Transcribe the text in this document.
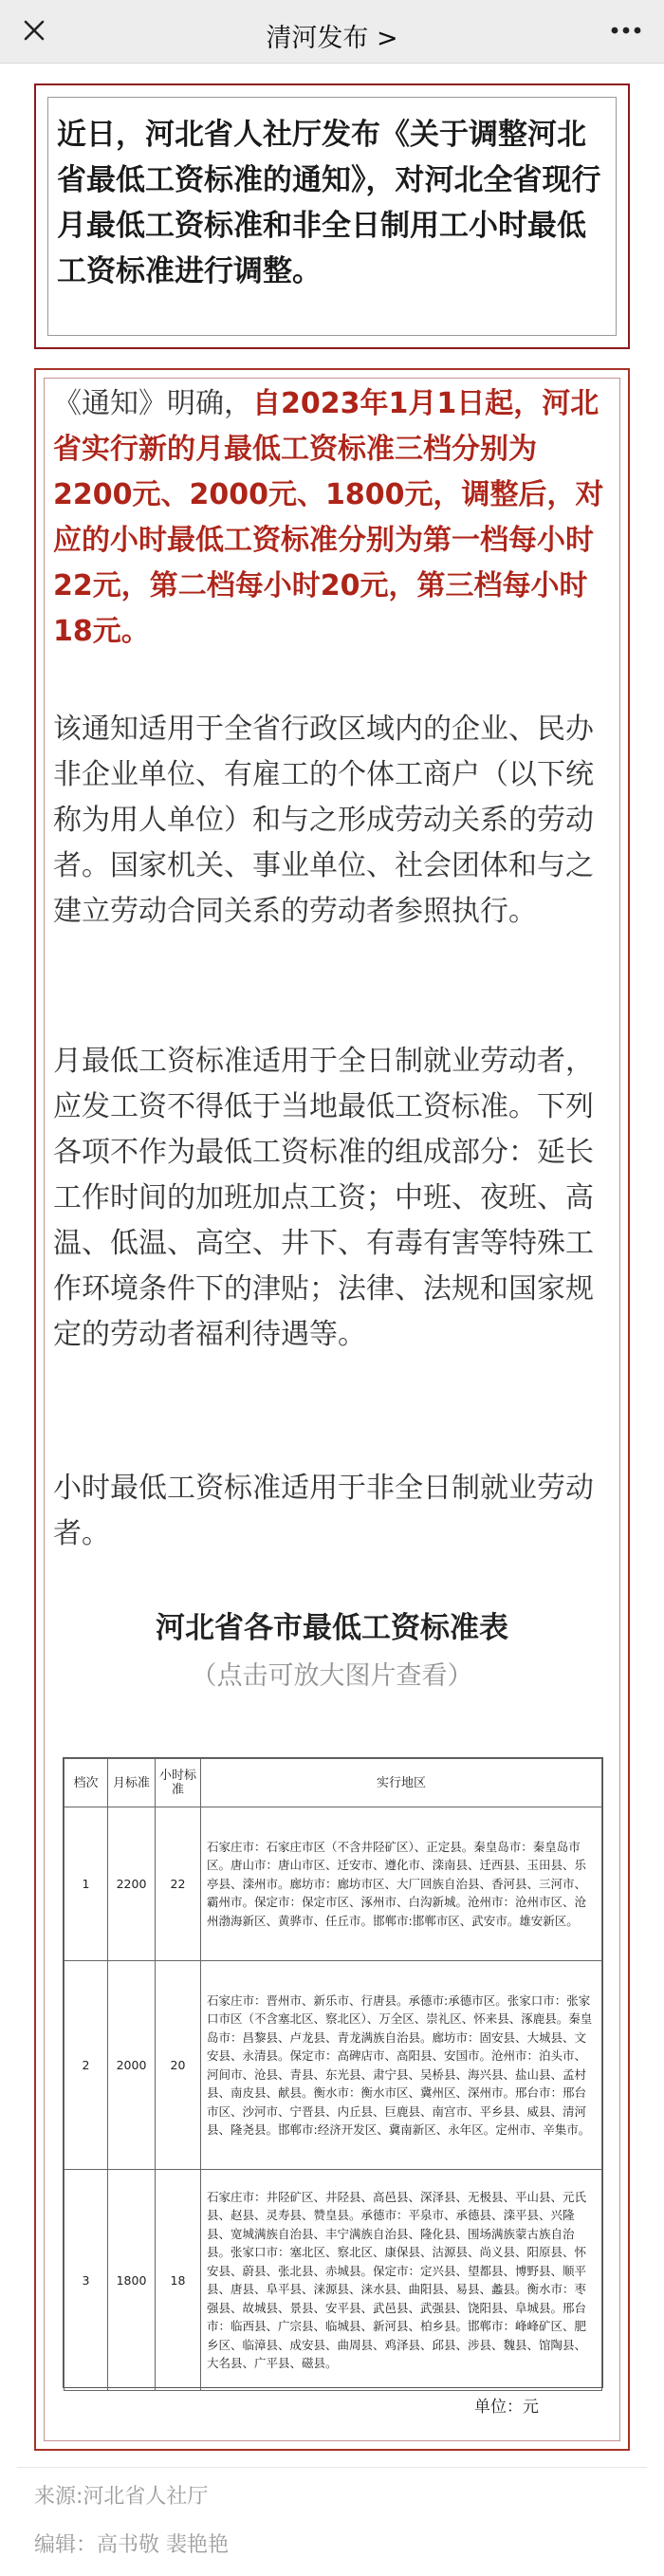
清河发布 >
近日，河北省人社厅发布《关于调整河北省最低工资标准的通知》，对河北全省现行月最低工资标准和非全日制用工小时最低工资标准进行调整。
《通知》明确，自2023年1月1日起，河北省实行新的月最低工资标准三档分别为2200元、2000元、1800元，调整后，对应的小时最低工资标准分别为第一档每小时22元，第二档每小时20元，第三档每小时18元。
该通知适用于全省行政区域内的企业、民办非企业单位、有雇工的个体工商户（以下统称为用人单位）和与之形成劳动关系的劳动者。国家机关、事业单位、社会团体和与之建立劳动合同关系的劳动者参照执行。
月最低工资标准适用于全日制就业劳动者，应发工资不得低于当地最低工资标准。下列各项不作为最低工资标准的组成部分：延长工作时间的加班加点工资；中班、夜班、高温、低温、高空、井下、有毒有害等特殊工作环境条件下的津贴；法律、法规和国家规定的劳动者福利待遇等。
小时最低工资标准适用于非全日制就业劳动者。
河北省各市最低工资标准表
（点击可放大图片查看）
档次	月标准	小时标准	实行地区
1	2200	22	石家庄市：石家庄市区（不含井陉矿区）、正定县。秦皇岛市：秦皇岛市区。唐山市：唐山市区、迁安市、遵化市、滦南县、迁西县、玉田县、乐亭县、滦州市。廊坊市：廊坊市区、大厂回族自治县、香河县、三河市、霸州市。保定市：保定市区、涿州市、白沟新城。沧州市：沧州市区、沧州渤海新区、黄骅市、任丘市。邯郸市:邯郸市区、武安市。雄安新区。
2	2000	20	石家庄市：晋州市、新乐市、行唐县。承德市:承德市区。张家口市：张家口市区（不含塞北区、察北区）、万全区、崇礼区、怀来县、涿鹿县。秦皇岛市：昌黎县、卢龙县、青龙满族自治县。廊坊市：固安县、大城县、文安县、永清县。保定市：高碑店市、高阳县、安国市。沧州市：泊头市、河间市、沧县、青县、东光县、肃宁县、吴桥县、海兴县、盐山县、孟村县、南皮县、献县。衡水市：衡水市区、冀州区、深州市。邢台市：邢台市区、沙河市、宁晋县、内丘县、巨鹿县、南宫市、平乡县、威县、清河县、隆尧县。邯郸市:经济开发区、冀南新区、永年区。定州市、辛集市。
3	1800	18	石家庄市：井陉矿区、井陉县、高邑县、深泽县、无极县、平山县、元氏县、赵县、灵寿县、赞皇县。承德市：平泉市、承德县、滦平县、兴隆县、宽城满族自治县、丰宁满族自治县、隆化县、围场满族蒙古族自治县。张家口市：塞北区、察北区、康保县、沽源县、尚义县、阳原县、怀安县、蔚县、张北县、赤城县。保定市：定兴县、望都县、博野县、顺平县、唐县、阜平县、涞源县、涞水县、曲阳县、易县、蠡县。衡水市：枣强县、故城县、景县、安平县、武邑县、武强县、饶阳县、阜城县。邢台市：临西县、广宗县、临城县、新河县、柏乡县。邯郸市：峰峰矿区、肥乡区、临漳县、成安县、曲周县、鸡泽县、邱县、涉县、魏县、馆陶县、大名县、广平县、磁县。
单位：元
来源:河北省人社厅
编辑：高书敬 裴艳艳
